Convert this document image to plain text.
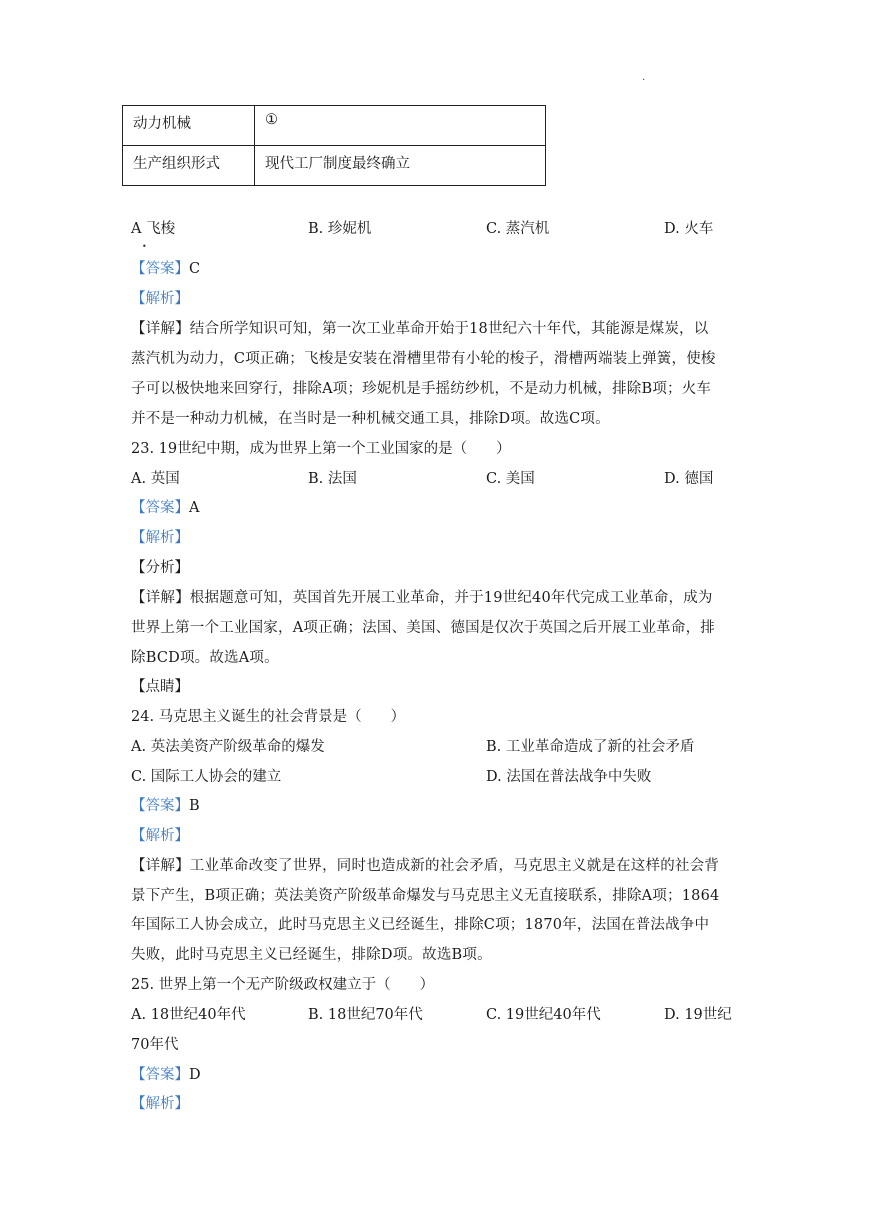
.
动力机械	①
生产组织形式	现代工厂制度最终确立
A 飞梭
•
B. 珍妮机	C. 蒸汽机	D. 火车
【答案】C
【解析】
【详解】结合所学知识可知，第一次工业革命开始于18世纪六十年代，其能源是煤炭，以
蒸汽机为动力，C项正确；飞梭是安装在滑槽里带有小轮的梭子，滑槽两端装上弹簧，使梭
子可以极快地来回穿行，排除A项；珍妮机是手摇纺纱机，不是动力机械，排除B项；火车
并不是一种动力机械，在当时是一种机械交通工具，排除D项。故选C项。
23. 19世纪中期，成为世界上第一个工业国家的是（　　）
A. 英国	B. 法国	C. 美国	D. 德国
【答案】A
【解析】
【分析】
【详解】根据题意可知，英国首先开展工业革命，并于19世纪40年代完成工业革命，成为
世界上第一个工业国家，A项正确；法国、美国、德国是仅次于英国之后开展工业革命，排
除BCD项。故选A项。
【点睛】
24. 马克思主义诞生的社会背景是（　　）
A. 英法美资产阶级革命的爆发	B. 工业革命造成了新的社会矛盾
C. 国际工人协会的建立	D. 法国在普法战争中失败
【答案】B
【解析】
【详解】工业革命改变了世界，同时也造成新的社会矛盾，马克思主义就是在这样的社会背
景下产生，B项正确；英法美资产阶级革命爆发与马克思主义无直接联系，排除A项；1864
年国际工人协会成立，此时马克思主义已经诞生，排除C项；1870年，法国在普法战争中
失败，此时马克思主义已经诞生，排除D项。故选B项。
25. 世界上第一个无产阶级政权建立于（　　）
A. 18世纪40年代	B. 18世纪70年代	C. 19世纪40年代	D. 19世纪
70年代
【答案】D
【解析】
